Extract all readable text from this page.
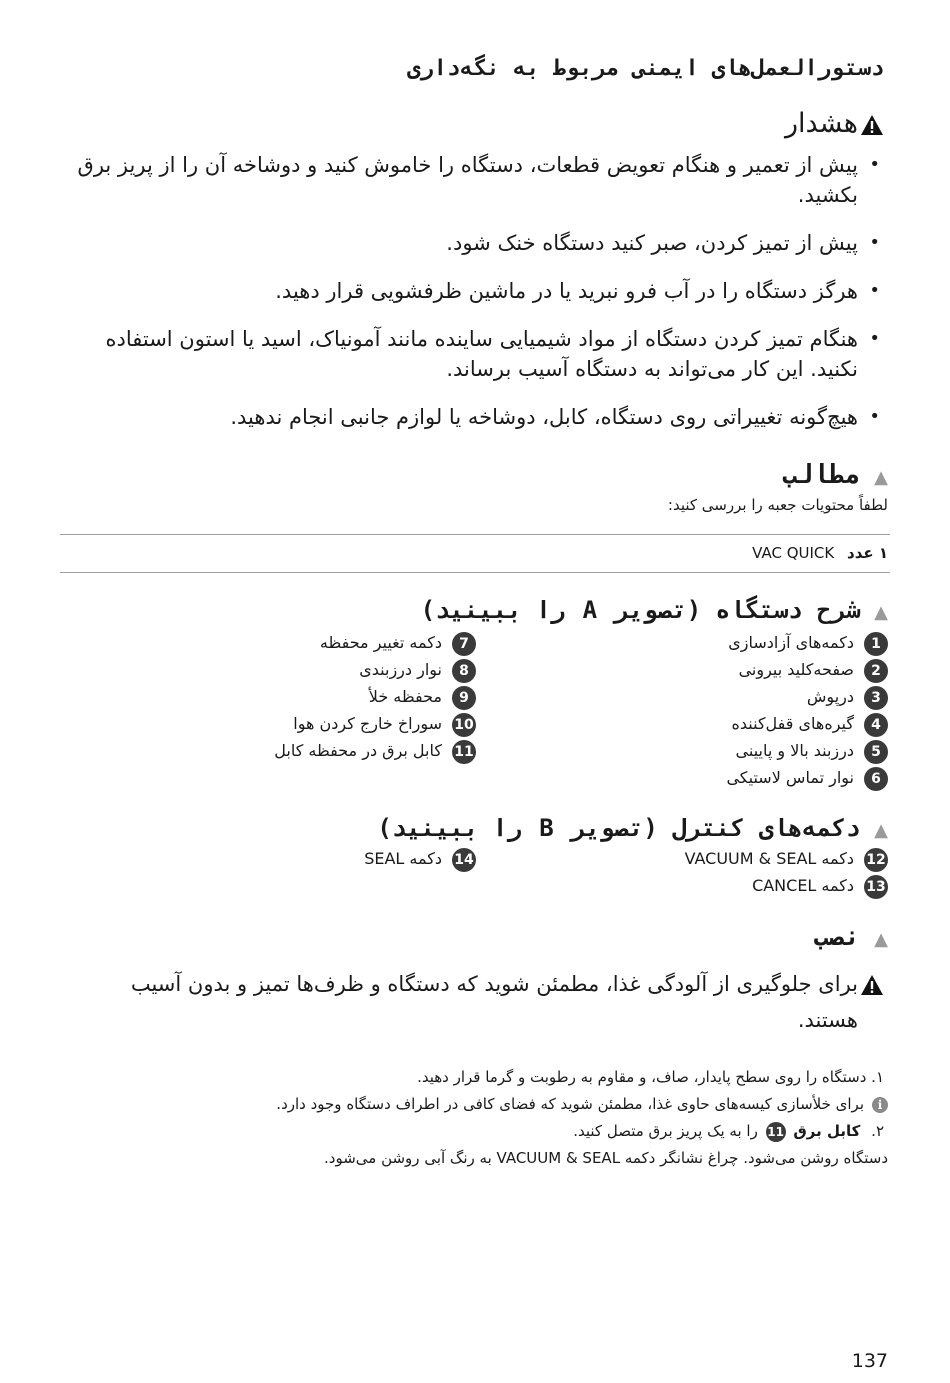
دستورالعمل‌های ایمنی مربوط به نگه‌داری
هشدار
• پیش از تعمیر و هنگام تعویض قطعات، دستگاه را خاموش کنید و دوشاخه آن را از پریز برق
بکشید.
• پیش از تمیز کردن، صبر کنید دستگاه خنک شود.
• هرگز دستگاه را در آب فرو نبرید یا در ماشین ظرفشویی قرار دهید.
• هنگام تمیز کردن دستگاه از مواد شیمیایی ساینده مانند آمونیاک، اسید یا استون استفاده
نکنید. این کار می‌تواند به دستگاه آسیب برساند.
• هیچ‌گونه تغییراتی روی دستگاه، کابل، دوشاخه یا لوازم جانبی انجام ندهید.
▲مطالب
لطفاً محتویات جعبه را بررسی کنید:
۱ عدد VAC QUICK
▲شرح دستگاه (تصویر A را ببینید)
1دکمه‌های آزادسازی
2صفحه‌کلید بیرونی
3درپوش
4گیره‌های قفل‌کننده
5درزبند بالا و پایینی
6نوار تماس لاستیکی
7دکمه تغییر محفظه
8نوار درزبندی
9محفظه خلأ
10سوراخ خارج کردن هوا
11کابل برق در محفظه کابل
▲دکمه‌های کنترل (تصویر B را ببینید)
12دکمه VACUUM & SEAL
13دکمه CANCEL
14دکمه SEAL
▲نصب
برای جلوگیری از آلودگی غذا، مطمئن شوید که دستگاه و ظرف‌ها تمیز و بدون آسیب
هستند.
۱. دستگاه را روی سطح پایدار، صاف، و مقاوم به رطوبت و گرما قرار دهید.
iبرای خلأسازی کیسه‌های حاوی غذا، مطمئن شوید که فضای کافی در اطراف دستگاه وجود دارد.
۲. کابل برق 11 را به یک پریز برق متصل کنید.
دستگاه روشن می‌شود. چراغ نشانگر دکمه VACUUM & SEAL به رنگ آبی روشن می‌شود.
137
